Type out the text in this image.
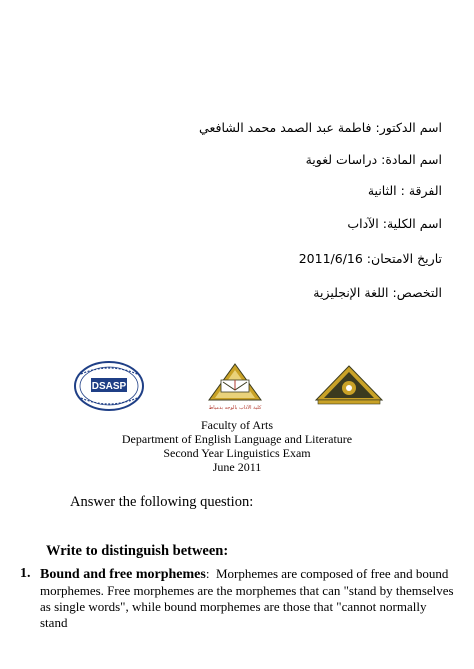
اسم الدكتور: فاطمة عبد الصمد محمد الشافعي
اسم المادة: دراسات لغوية
الفرقة : الثانية
اسم الكلية: الآداب
تاريخ الامتحان: 2011/6/16
التخصص: اللغة الإنجليزية
DSASP
كلية الآداب بالوجه بدمياط
Faculty of Arts
Department of English Language and Literature
Second Year Linguistics Exam
June 2011
Answer the following question:
Write to distinguish between:
1. Bound and free morphemes:  Morphemes are composed of free and bound morphemes. Free morphemes are the morphemes that can "stand by themselves as single words", while bound morphemes are those that "cannot normally stand
